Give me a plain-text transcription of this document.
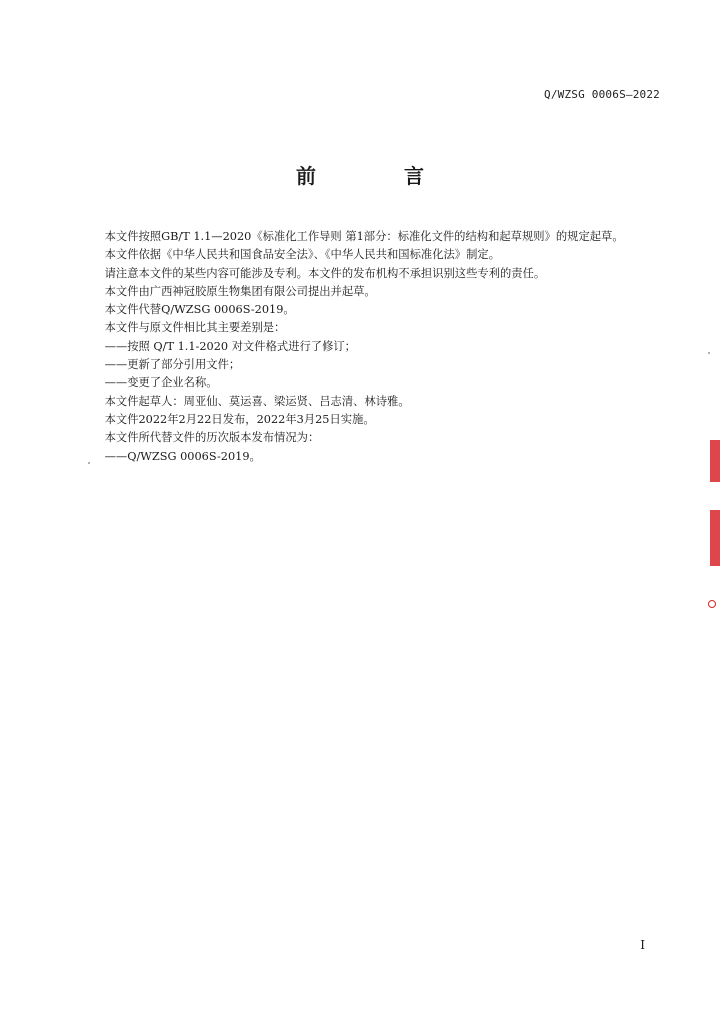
Q/WZSG 0006S—2022
前　言

本文件按照GB/T 1.1—2020《标准化工作导则 第1部分：标准化文件的结构和起草规则》的规定起草。

本文件依据《中华人民共和国食品安全法》、《中华人民共和国标准化法》制定。

请注意本文件的某些内容可能涉及专利。本文件的发布机构不承担识别这些专利的责任。

本文件由广西神冠胶原生物集团有限公司提出并起草。

本文件代替Q/WZSG 0006S-2019。

本文件与原文件相比其主要差别是：

——按照 Q/T 1.1-2020 对文件格式进行了修订；

——更新了部分引用文件；

——变更了企业名称。

本文件起草人：周亚仙、莫运喜、梁运贤、吕志清、林诗雅。

本文件2022年2月22日发布，2022年3月25日实施。

本文件所代替文件的历次版本发布情况为：

——Q/WZSG 0006S-2019。

I
